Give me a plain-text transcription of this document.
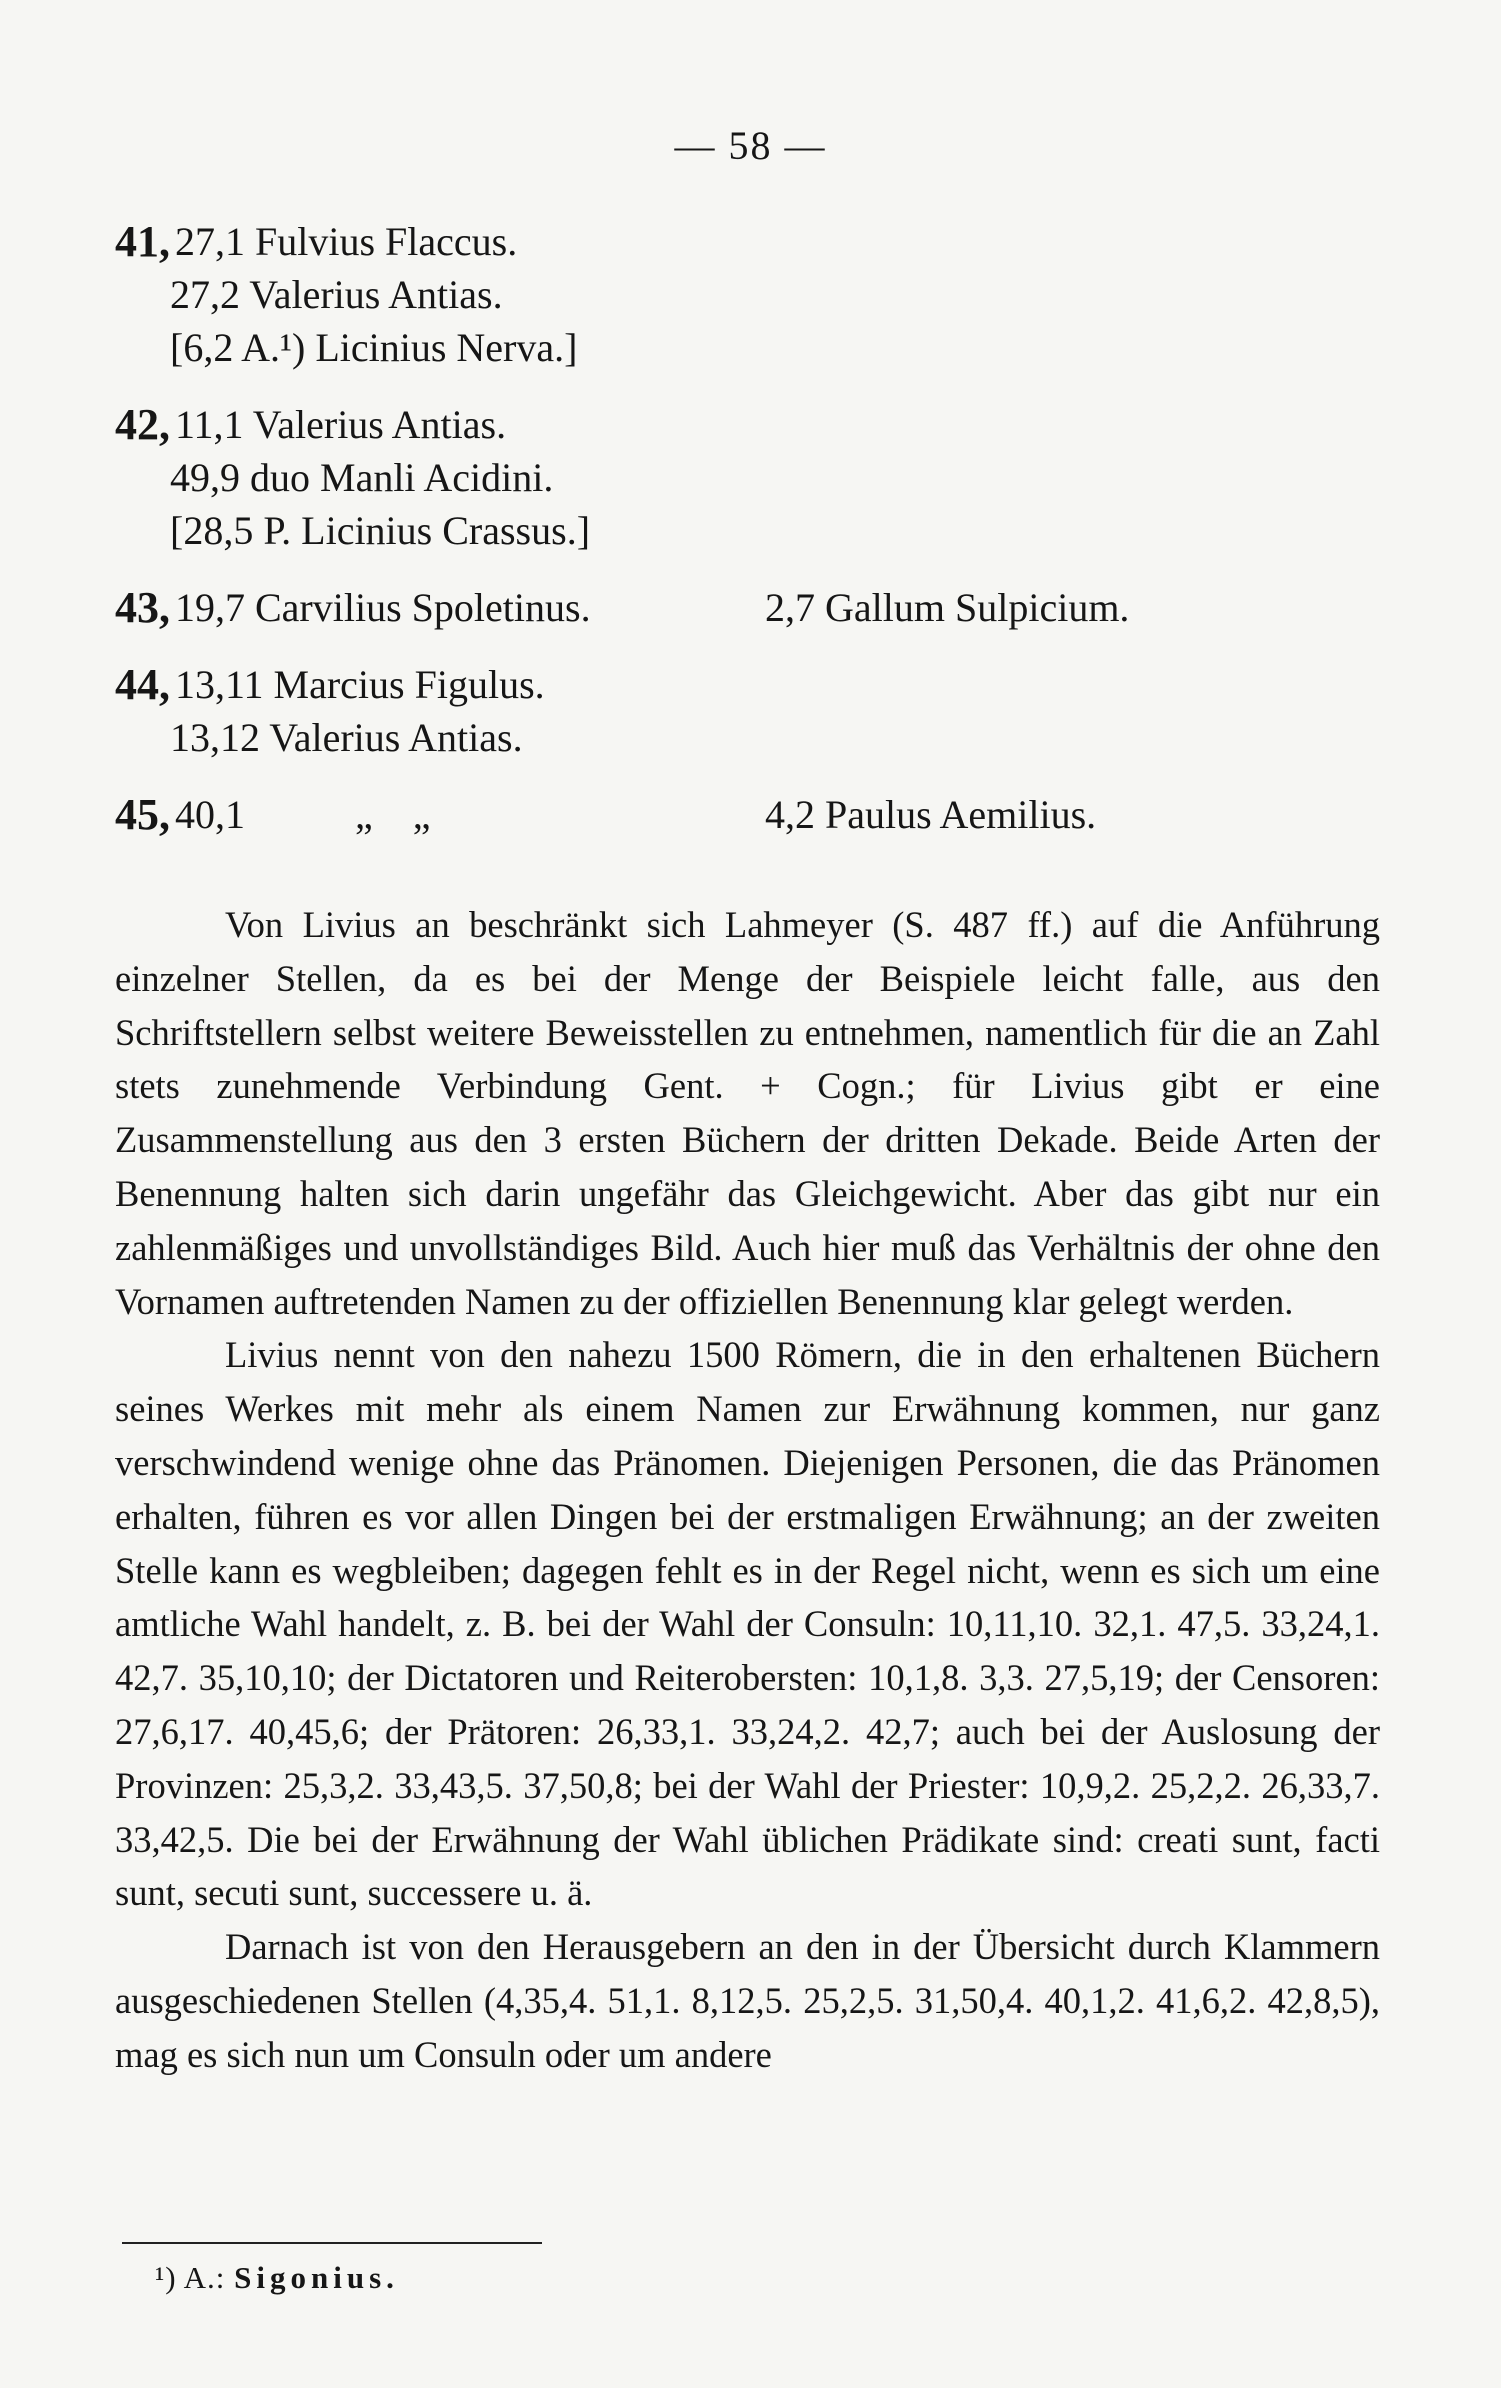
— 58 —
41, 27,1 Fulvius Flaccus.
27,2 Valerius Antias.
[6,2 A.¹) Licinius Nerva.]
42, 11,1 Valerius Antias.
49,9 duo Manli Acidini.
[28,5 P. Licinius Crassus.]
43, 19,7 Carvilius Spoletinus.	2,7 Gallum Sulpicium.
44, 13,11 Marcius Figulus.
13,12 Valerius Antias.
45, 40,1	„    „	4,2 Paulus Aemilius.

Von Livius an beschränkt sich Lahmeyer (S. 487 ff.) auf die Anführung einzelner Stellen, da es bei der Menge der Beispiele leicht falle, aus den Schriftstellern selbst weitere Beweisstellen zu entnehmen, namentlich für die an Zahl stets zunehmende Verbindung Gent. + Cogn.; für Livius gibt er eine Zusammenstellung aus den 3 ersten Büchern der dritten Dekade. Beide Arten der Benennung halten sich darin ungefähr das Gleichgewicht. Aber das gibt nur ein zahlenmäßiges und unvollständiges Bild. Auch hier muß das Verhältnis der ohne den Vornamen auftretenden Namen zu der offiziellen Benennung klar gelegt werden.

Livius nennt von den nahezu 1500 Römern, die in den erhaltenen Büchern seines Werkes mit mehr als einem Namen zur Erwähnung kommen, nur ganz verschwindend wenige ohne das Pränomen. Diejenigen Personen, die das Pränomen erhalten, führen es vor allen Dingen bei der erstmaligen Erwähnung; an der zweiten Stelle kann es wegbleiben; dagegen fehlt es in der Regel nicht, wenn es sich um eine amtliche Wahl handelt, z. B. bei der Wahl der Consuln: 10,11,10. 32,1. 47,5. 33,24,1. 42,7. 35,10,10; der Dictatoren und Reiterobersten: 10,1,8. 3,3. 27,5,19; der Censoren: 27,6,17. 40,45,6; der Prätoren: 26,33,1. 33,24,2. 42,7; auch bei der Auslosung der Provinzen: 25,3,2. 33,43,5. 37,50,8; bei der Wahl der Priester: 10,9,2. 25,2,2. 26,33,7. 33,42,5. Die bei der Erwähnung der Wahl üblichen Prädikate sind: creati sunt, facti sunt, secuti sunt, successere u. ä.

Darnach ist von den Herausgebern an den in der Übersicht durch Klammern ausgeschiedenen Stellen (4,35,4. 51,1. 8,12,5. 25,2,5. 31,50,4. 40,1,2. 41,6,2. 42,8,5), mag es sich nun um Consuln oder um andere

¹) A.: Sigonius.
